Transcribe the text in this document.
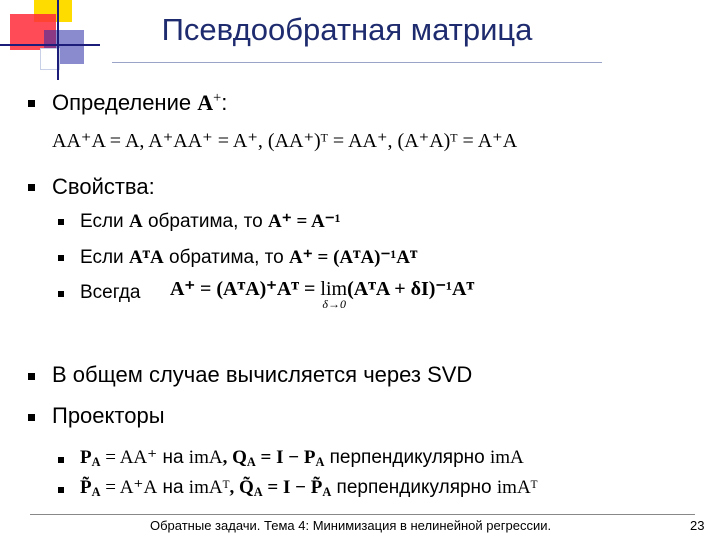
Псевдообратная матрица
Определение A+:
AA⁺A = A, A⁺AA⁺ = A⁺, (AA⁺)ᵀ = AA⁺, (A⁺A)ᵀ = A⁺A
Свойства:
Если A обратима, то A⁺ = A⁻¹
Если AᵀA обратима, то A⁺ = (AᵀA)⁻¹Aᵀ
Всегда A⁺ = (AᵀA)⁺Aᵀ = lim
δ→0
(AᵀA + δI)⁻¹Aᵀ
В общем случае вычисляется через SVD
Проекторы
$P_A = AA^+$ на imA, $Q_A = I - P_A$ перпендикулярно imA
$P̃_A = A^+A$ на imAᵀ, $Q̃_A = I$ − $P̃_A$ перпендикулярно imAᵀ
Обратные задачи. Тема 4: Минимизация в нелинейной регрессии.	23
